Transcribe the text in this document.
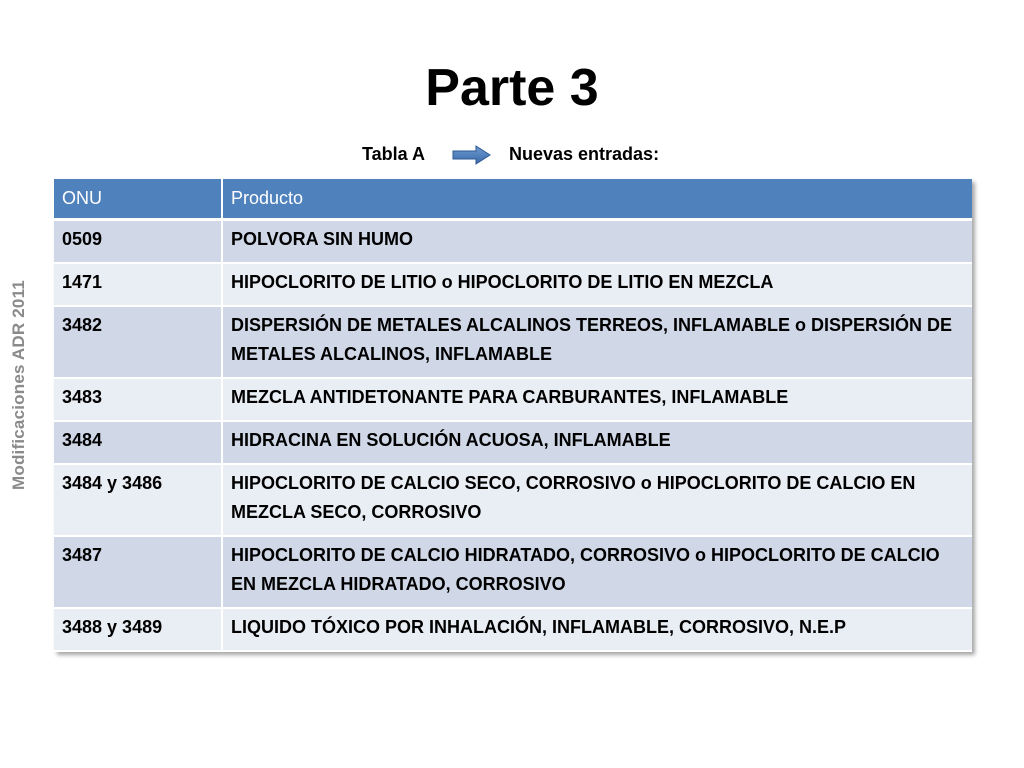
Modificaciones ADR 2011
Parte 3
Tabla A	Nuevas entradas:
ONU	Producto

0509	POLVORA SIN HUMO

1471	HIPOCLORITO DE LITIO o HIPOCLORITO DE LITIO EN MEZCLA

3482	DISPERSIÓN DE METALES ALCALINOS TERREOS, INFLAMABLE o DISPERSIÓN DE METALES ALCALINOS, INFLAMABLE

3483	MEZCLA ANTIDETONANTE PARA CARBURANTES, INFLAMABLE

3484	HIDRACINA EN SOLUCIÓN ACUOSA, INFLAMABLE

3484 y 3486	HIPOCLORITO DE CALCIO SECO, CORROSIVO o HIPOCLORITO DE CALCIO EN MEZCLA SECO, CORROSIVO

3487	HIPOCLORITO DE CALCIO HIDRATADO, CORROSIVO o HIPOCLORITO DE CALCIO EN MEZCLA HIDRATADO, CORROSIVO

3488 y 3489	LIQUIDO TÓXICO POR INHALACIÓN, INFLAMABLE, CORROSIVO, N.E.P
